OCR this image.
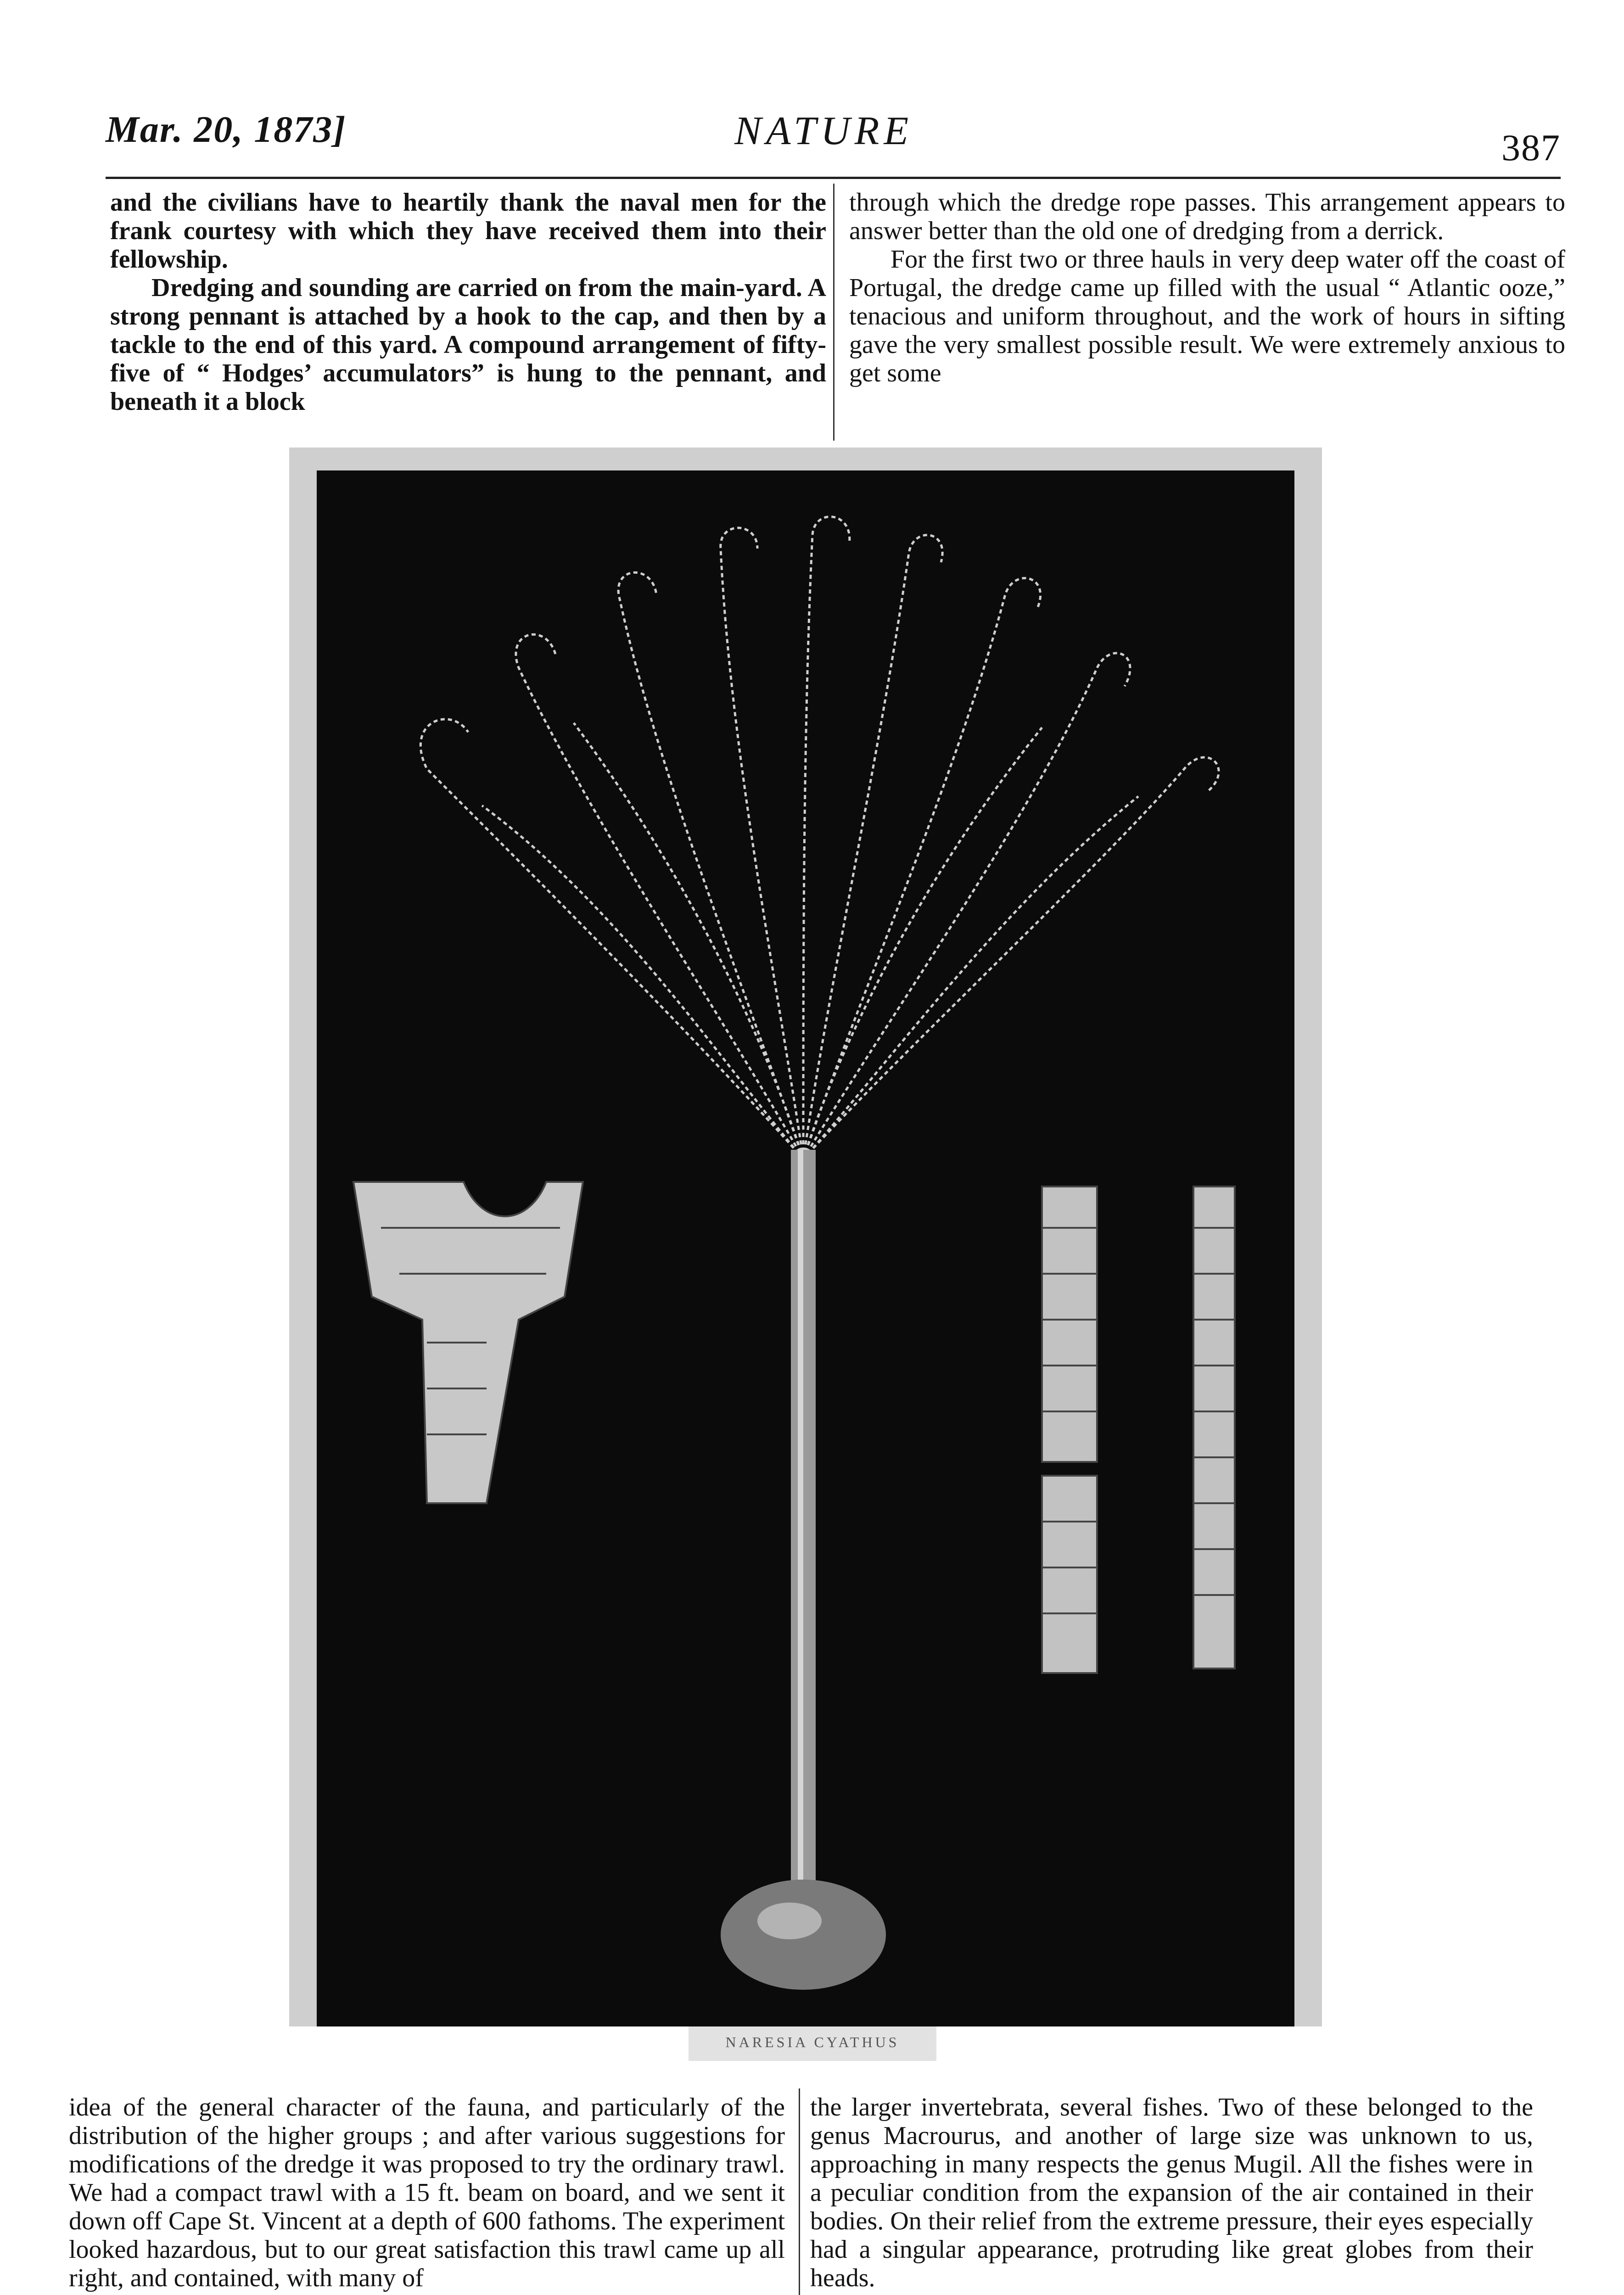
Mar. 20, 1873]	NATURE	387

and the civilians have to heartily thank the naval men for the frank courtesy with which they have received them into their fellowship.

Dredging and sounding are carried on from the main-yard. A strong pennant is attached by a hook to the cap, and then by a tackle to the end of this yard. A compound arrangement of fifty-five of “ Hodges’ accumulators” is hung to the pennant, and beneath it a block

through which the dredge rope passes. This arrangement appears to answer better than the old one of dredging from a derrick.

For the first two or three hauls in very deep water off the coast of Portugal, the dredge came up filled with the usual “ Atlantic ooze,” tenacious and uniform throughout, and the work of hours in sifting gave the very smallest possible result. We were extremely anxious to get some

NARESIA CYATHUS

idea of the general character of the fauna, and particularly of the distribution of the higher groups ; and after various suggestions for modifications of the dredge it was proposed to try the ordinary trawl. We had a compact trawl with a 15 ft. beam on board, and we sent it down off Cape St. Vincent at a depth of 600 fathoms. The experiment looked hazardous, but to our great satisfaction this trawl came up all right, and contained, with many of

the larger invertebrata, several fishes. Two of these belonged to the genus Macrourus, and another of large size was unknown to us, approaching in many respects the genus Mugil. All the fishes were in a peculiar condition from the expansion of the air contained in their bodies. On their relief from the extreme pressure, their eyes especially had a singular appearance, protruding like great globes from their heads.
